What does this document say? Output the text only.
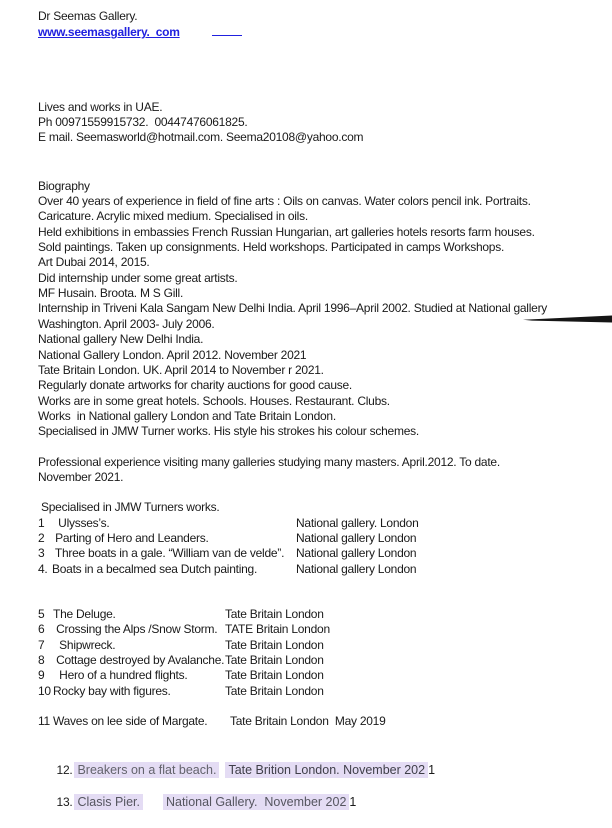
Dr Seemas Gallery.
www.seemasgallery.  com
Lives and works in UAE.
Ph 00971559915732.  00447476061825.
E mail. Seemasworld@hotmail.com. Seema20108@yahoo.com
Biography
Over 40 years of experience in field of fine arts : Oils on canvas. Water colors pencil ink. Portraits.
Caricature. Acrylic mixed medium. Specialised in oils.
Held exhibitions in embassies French Russian Hungarian, art galleries hotels resorts farm houses.
Sold paintings. Taken up consignments. Held workshops. Participated in camps Workshops.
Art Dubai 2014, 2015.
Did internship under some great artists.
MF Husain. Broota. M S Gill.
Internship in Triveni Kala Sangam New Delhi India. April 1996–April 2002. Studied at National gallery
Washington. April 2003- July 2006.
National gallery New Delhi India.
National Gallery London. April 2012. November 2021
Tate Britain London. UK. April 2014 to November r 2021.
Regularly donate artworks for charity auctions for good cause.
Works are in some great hotels. Schools. Houses. Restaurant. Clubs.
Works  in National gallery London and Tate Britain London.
Specialised in JMW Turner works. His style his strokes his colour schemes.
Professional experience visiting many galleries studying many masters. April.2012. To date.
November 2021.
Specialised in JMW Turners works.
1 Ulysses’s.	National gallery. London
2 Parting of Hero and Leanders.	National gallery London
3 Three boats in a gale. “William van de velde”. National gallery London
4. Boats in a becalmed sea Dutch painting.	National gallery London
5 The Deluge.	Tate Britain London
6 Crossing the Alps /Snow Storm. TATE Britain London
7 Shipwreck.	Tate Britain London
8 Cottage destroyed by Avalanche. Tate Britain London
9 Hero of a hundred flights.	Tate Britain London
10 Rocky bay with figures.	Tate Britain London
11 Waves on lee side of Margate.	Tate Britain London  May 2019

12. Breakers on a flat beach. Tate Brition London. November 202 1

13. Clasis Pier. National Gallery.  November 202 1
